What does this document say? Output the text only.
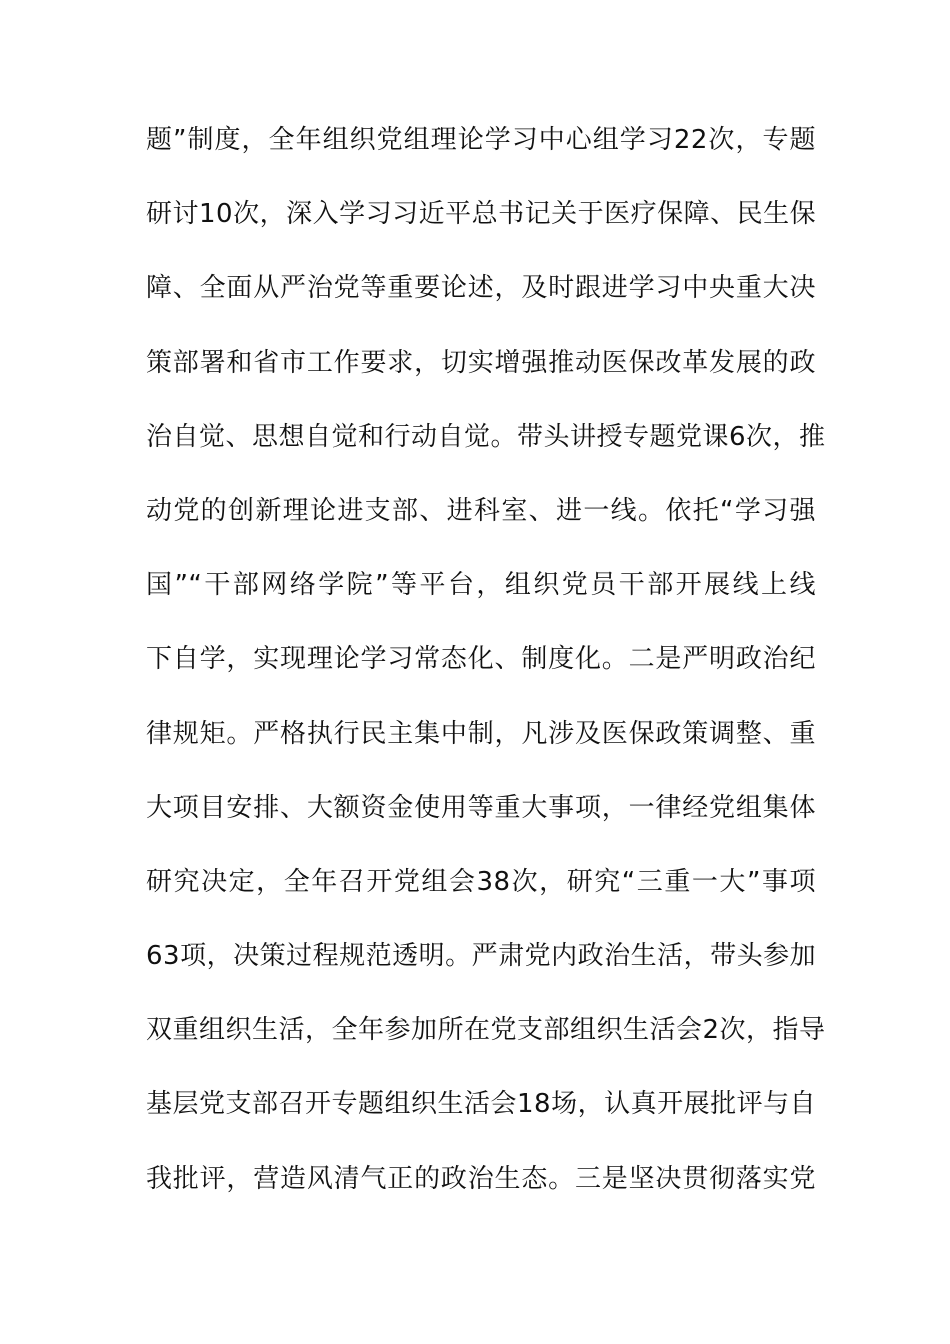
题”制度，全年组织党组理论学习中心组学习22次，专题
研讨10次，深入学习习近平总书记关于医疗保障、民生保
障、全面从严治党等重要论述，及时跟进学习中央重大决
策部署和省市工作要求，切实增强推动医保改革发展的政
治自觉、思想自觉和行动自觉。带头讲授专题党课6次，推
动党的创新理论进支部、进科室、进一线。依托“学习强
国”“干部网络学院”等平台，组织党员干部开展线上线
下自学，实现理论学习常态化、制度化。二是严明政治纪
律规矩。严格执行民主集中制，凡涉及医保政策调整、重
大项目安排、大额资金使用等重大事项，一律经党组集体
研究决定，全年召开党组会38次，研究“三重一大”事项
63项，决策过程规范透明。严肃党内政治生活，带头参加
双重组织生活，全年参加所在党支部组织生活会2次，指导
基层党支部召开专题组织生活会18场，认真开展批评与自
我批评，营造风清气正的政治生态。三是坚决贯彻落实党
